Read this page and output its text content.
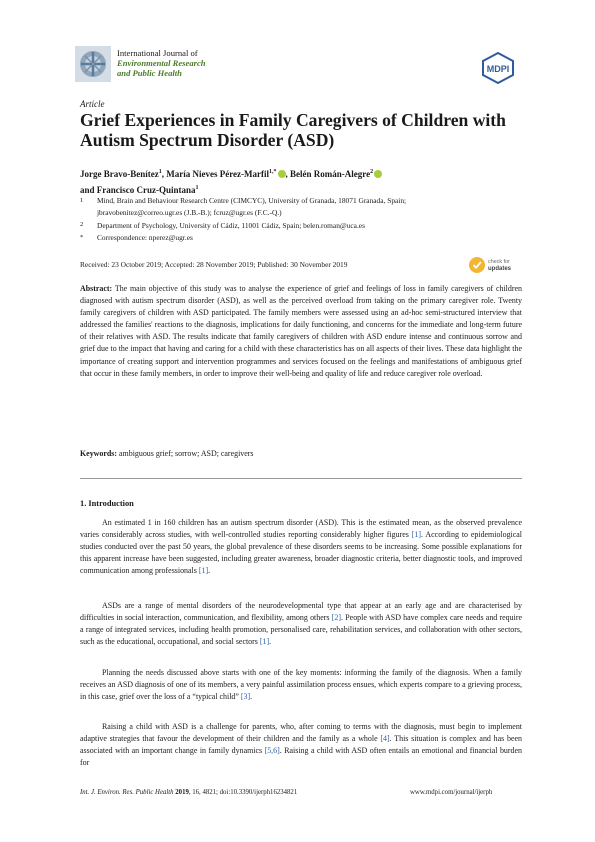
International Journal of
Environmental Research
and Public Health	MDPI
Article
Grief Experiences in Family Caregivers of Children with Autism Spectrum Disorder (ASD)
Jorge Bravo-Benítez$^1$, María Nieves Pérez-Marfil$^{1,*}$ , Belén Román-Alegre$^2$
and Francisco Cruz-Quintana$^1$
1 Mind, Brain and Behaviour Research Centre (CIMCYC), University of Granada, 18071 Granada, Spain;
jbravobenitez@correo.ugr.es (J.B.-B.); fcruz@ugr.es (F.C.-Q.)
2 Department of Psychology, University of Cádiz, 11001 Cádiz, Spain; belen.roman@uca.es
* Correspondence: nperez@ugr.es
Received: 23 October 2019; Accepted: 28 November 2019; Published: 30 November 2019	check for
updates
Abstract: The main objective of this study was to analyse the experience of grief and feelings of loss in family caregivers of children diagnosed with autism spectrum disorder (ASD), as well as the perceived overload from taking on the primary caregiver role. Twenty family caregivers of children with ASD participated. The family members were assessed using an ad-hoc semi-structured interview that addressed the families' reactions to the diagnosis, implications for daily functioning, and concerns for the immediate and long-term future of their relatives with ASD. The results indicate that family caregivers of children with ASD endure intense and continuous sorrow and grief due to the impact that having and caring for a child with these characteristics has on all aspects of their lives. These data highlight the importance of creating support and intervention programmes and services focused on the feelings and manifestations of ambiguous grief that occur in these family members, in order to improve their well-being and quality of life and reduce caregiver role overload.
Keywords: ambiguous grief; sorrow; ASD; caregivers
1. Introduction
An estimated 1 in 160 children has an autism spectrum disorder (ASD). This is the estimated mean, as the observed prevalence varies considerably across studies, with well-controlled studies reporting considerably higher figures [1]. According to epidemiological studies conducted over the past 50 years, the global prevalence of these disorders seems to be increasing. Some possible explanations for this apparent increase have been suggested, including greater awareness, broader diagnostic criteria, better diagnostic tools, and improved communication among professionals [1].
ASDs are a range of mental disorders of the neurodevelopmental type that appear at an early age and are characterised by difficulties in social interaction, communication, and flexibility, among others [2]. People with ASD have complex care needs and require a range of integrated services, including health promotion, personalised care, rehabilitation services, and collaboration with other sectors, such as the educational, occupational, and social sectors [1].
Planning the needs discussed above starts with one of the key moments: informing the family of the diagnosis. When a family receives an ASD diagnosis of one of its members, a very painful assimilation process ensues, which experts compare to a grieving process, in this case, grief over the loss of a “typical child” [3].
Raising a child with ASD is a challenge for parents, who, after coming to terms with the diagnosis, must begin to implement adaptive strategies that favour the development of their children and the family as a whole [4]. This situation is complex and has been associated with an important change in family dynamics [5,6]. Raising a child with ASD often entails an emotional and financial burden for
Int. J. Environ. Res. Public Health 2019, 16, 4821; doi:10.3390/ijerph16234821	www.mdpi.com/journal/ijerph
